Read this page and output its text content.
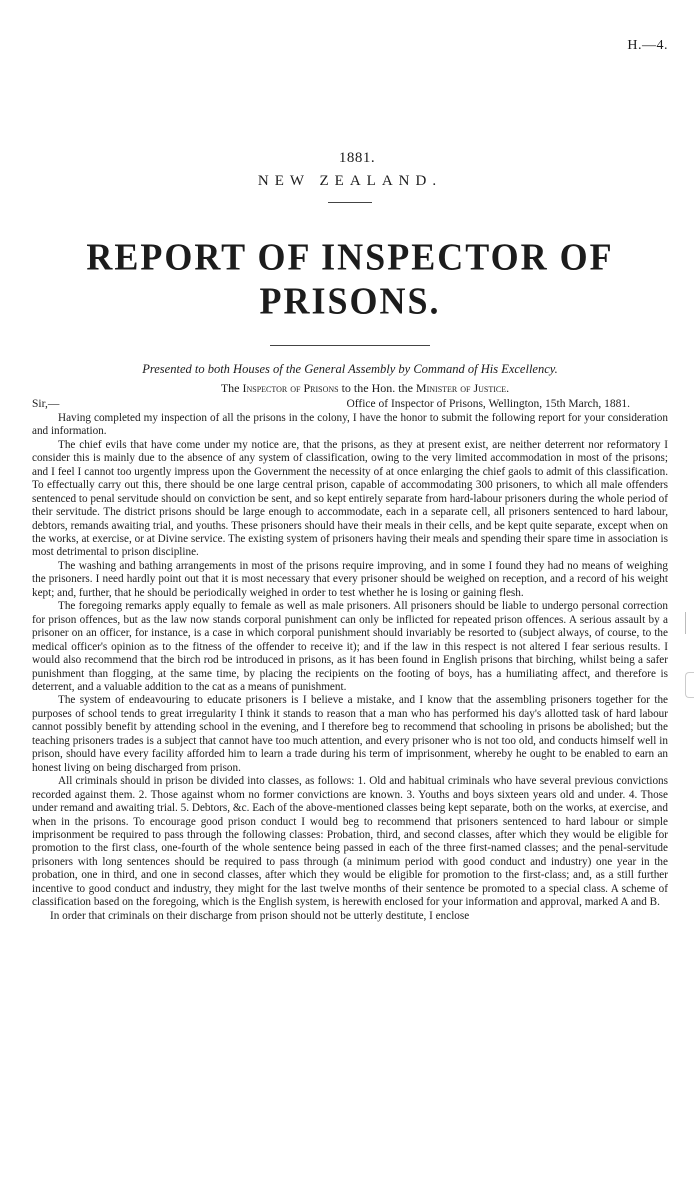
H.—4.
1881.
NEW ZEALAND.
REPORT OF INSPECTOR OF PRISONS.
Presented to both Houses of the General Assembly by Command of His Excellency.
The Inspector of Prisons to the Hon. the Minister of Justice.
Sir,—	Office of Inspector of Prisons, Wellington, 15th March, 1881.

Having completed my inspection of all the prisons in the colony, I have the honor to submit the following report for your consideration and information.

The chief evils that have come under my notice are, that the prisons, as they at present exist, are neither deterrent nor reformatory I consider this is mainly due to the absence of any system of classification, owing to the very limited accommodation in most of the prisons; and I feel I cannot too urgently impress upon the Government the necessity of at once enlarging the chief gaols to admit of this classification. To effectually carry out this, there should be one large central prison, capable of accommodating 300 prisoners, to which all male offenders sentenced to penal servitude should on conviction be sent, and so kept entirely separate from hard-labour prisoners during the whole period of their servitude. The district prisons should be large enough to accommodate, each in a separate cell, all prisoners sentenced to hard labour, debtors, remands awaiting trial, and youths. These prisoners should have their meals in their cells, and be kept quite separate, except when on the works, at exercise, or at Divine service. The existing system of prisoners having their meals and spending their spare time in association is most detrimental to prison discipline.

The washing and bathing arrangements in most of the prisons require improving, and in some I found they had no means of weighing the prisoners. I need hardly point out that it is most necessary that every prisoner should be weighed on reception, and a record of his weight kept; and, further, that he should be periodically weighed in order to test whether he is losing or gaining flesh.

The foregoing remarks apply equally to female as well as male prisoners. All prisoners should be liable to undergo personal correction for prison offences, but as the law now stands corporal punishment can only be inflicted for repeated prison offences. A serious assault by a prisoner on an officer, for instance, is a case in which corporal punishment should invariably be resorted to (subject always, of course, to the medical officer's opinion as to the fitness of the offender to receive it); and if the law in this respect is not altered I fear serious results. I would also recommend that the birch rod be introduced in prisons, as it has been found in English prisons that birching, whilst being a safer punishment than flogging, at the same time, by placing the recipients on the footing of boys, has a humiliating affect, and therefore is deterrent, and a valuable addition to the cat as a means of punishment.

The system of endeavouring to educate prisoners is I believe a mistake, and I know that the assembling prisoners together for the purposes of school tends to great irregularity I think it stands to reason that a man who has performed his day's allotted task of hard labour cannot possibly benefit by attending school in the evening, and I therefore beg to recommend that schooling in prisons be abolished; but the teaching prisoners trades is a subject that cannot have too much attention, and every prisoner who is not too old, and conducts himself well in prison, should have every facility afforded him to learn a trade during his term of imprisonment, whereby he ought to be enabled to earn an honest living on being discharged from prison.

All criminals should in prison be divided into classes, as follows: 1. Old and habitual criminals who have several previous convictions recorded against them. 2. Those against whom no former convictions are known. 3. Youths and boys sixteen years old and under. 4. Those under remand and awaiting trial. 5. Debtors, &c. Each of the above-mentioned classes being kept separate, both on the works, at exercise, and when in the prisons. To encourage good prison conduct I would beg to recommend that prisoners sentenced to hard labour or simple imprisonment be required to pass through the following classes: Probation, third, and second classes, after which they would be eligible for promotion to the first class, one-fourth of the whole sentence being passed in each of the three first-named classes; and the penal-servitude prisoners with long sentences should be required to pass through (a minimum period with good conduct and industry) one year in the probation, one in third, and one in second classes, after which they would be eligible for promotion to the first-class; and, as a still further incentive to good conduct and industry, they might for the last twelve months of their sentence be promoted to a special class. A scheme of classification based on the foregoing, which is the English system, is herewith enclosed for your information and approval, marked A and B.

In order that criminals on their discharge from prison should not be utterly destitute, I enclose
